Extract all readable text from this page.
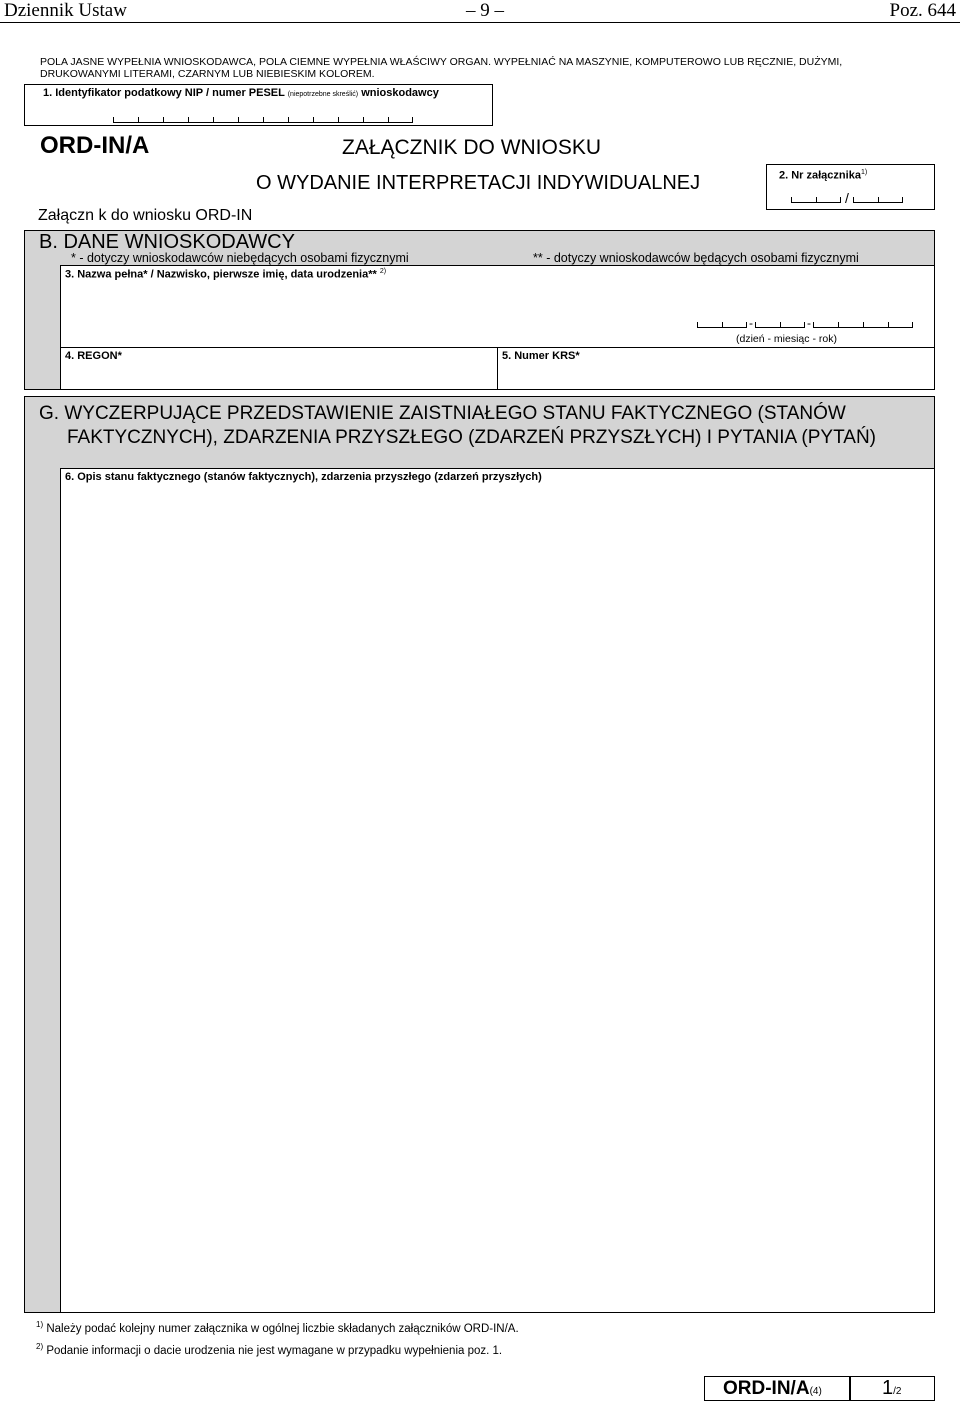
Dziennik Ustaw	– 9 –	Poz. 644
POLA JASNE WYPEŁNIA WNIOSKODAWCA, POLA CIEMNE WYPEŁNIA WŁAŚCIWY ORGAN. WYPEŁNIAĆ NA MASZYNIE, KOMPUTEROWO LUB RĘCZNIE, DUŻYMI, DRUKOWANYMI LITERAMI, CZARNYM LUB NIEBIESKIM KOLOREM.
1. Identyfikator podatkowy NIP / numer PESEL (niepotrzebne skreślić) wnioskodawcy
ORD-IN/A	ZAŁĄCZNIK DO WNIOSKU
O WYDANIE INTERPRETACJI INDYWIDUALNEJ
Załączn k do wniosku ORD-IN
2. Nr załącznika$^{1)}$
/
B. DANE WNIOSKODAWCY
* - dotyczy wnioskodawców niebędących osobami fizycznymi	** - dotyczy wnioskodawców będących osobami fizycznymi
3. Nazwa pełna* / Nazwisko, pierwsze imię, data urodzenia** $^{2)}$
-	-
(dzień - miesiąc - rok)
4. REGON*	5. Numer KRS*
G. WYCZERPUJĄCE PRZEDSTAWIENIE ZAISTNIAŁEGO STANU FAKTYCZNEGO (STANÓW
FAKTYCZNYCH), ZDARZENIA PRZYSZŁEGO (ZDARZEŃ PRZYSZŁYCH) I PYTANIA (PYTAŃ)
6. Opis stanu faktycznego (stanów faktycznych), zdarzenia przyszłego (zdarzeń przyszłych)
$^{1)}$ Należy podać kolejny numer załącznika w ogólnej liczbie składanych załączników ORD-IN/A.
$^{2)}$ Podanie informacji o dacie urodzenia nie jest wymagane w przypadku wypełnienia poz. 1.
ORD-IN/A(4)	1/2
